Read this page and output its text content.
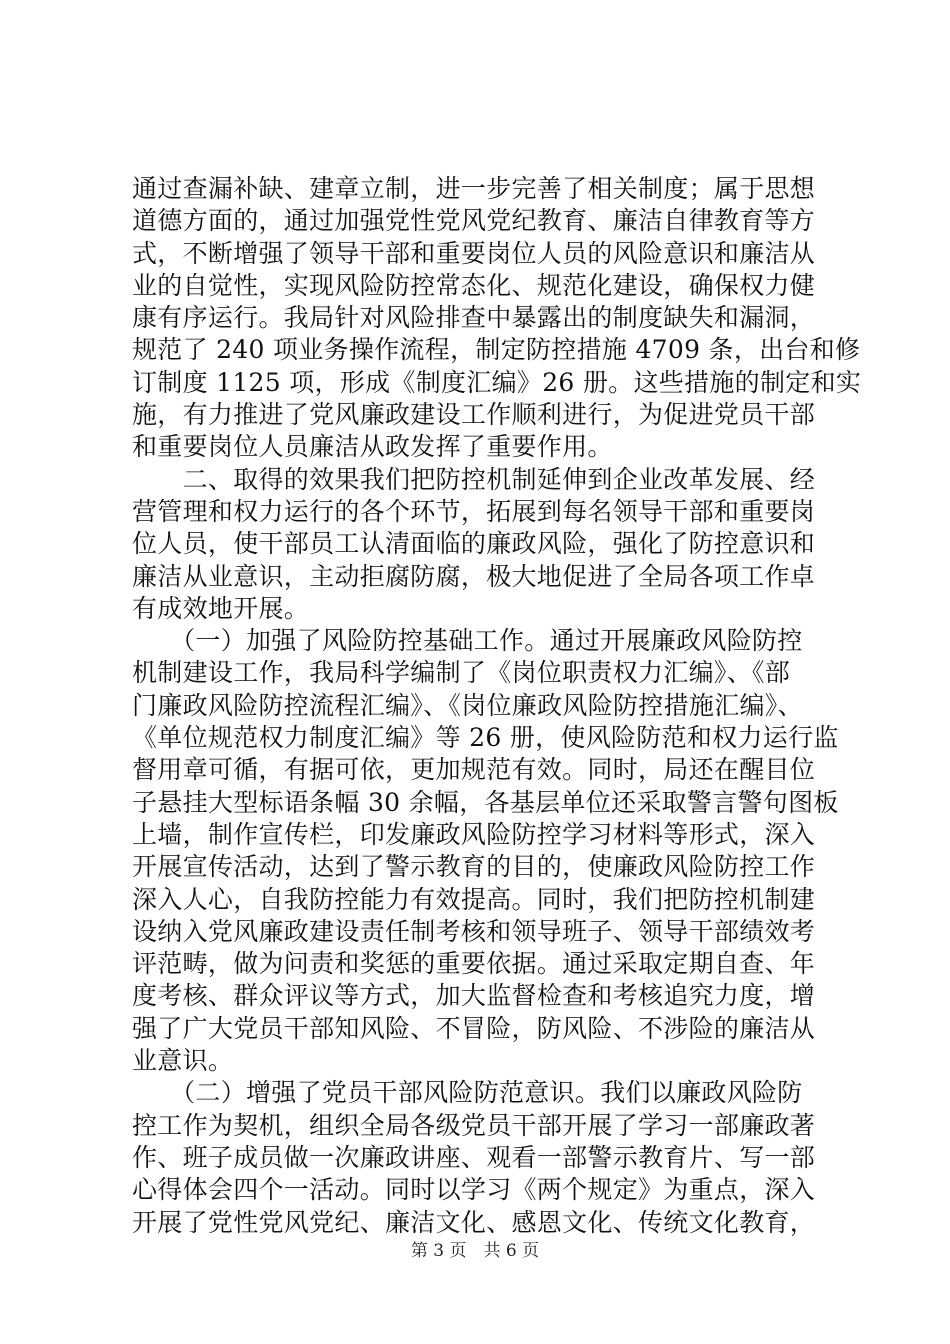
通过查漏补缺、建章立制，进一步完善了相关制度；属于思想
道德方面的，通过加强党性党风党纪教育、廉洁自律教育等方
式，不断增强了领导干部和重要岗位人员的风险意识和廉洁从
业的自觉性，实现风险防控常态化、规范化建设，确保权力健
康有序运行。我局针对风险排查中暴露出的制度缺失和漏洞，
规范了 240 项业务操作流程，制定防控措施 4709 条，出台和修
订制度 1125 项，形成《制度汇编》26 册。这些措施的制定和实
施，有力推进了党风廉政建设工作顺利进行，为促进党员干部
和重要岗位人员廉洁从政发挥了重要作用。
　　二、取得的效果我们把防控机制延伸到企业改革发展、经
营管理和权力运行的各个环节，拓展到每名领导干部和重要岗
位人员，使干部员工认清面临的廉政风险，强化了防控意识和
廉洁从业意识，主动拒腐防腐，极大地促进了全局各项工作卓
有成效地开展。
　　（一）加强了风险防控基础工作。通过开展廉政风险防控
机制建设工作，我局科学编制了《岗位职责权力汇编》、《部
门廉政风险防控流程汇编》、《岗位廉政风险防控措施汇编》、
《单位规范权力制度汇编》等 26 册，使风险防范和权力运行监
督用章可循，有据可依，更加规范有效。同时，局还在醒目位
子悬挂大型标语条幅 30 余幅，各基层单位还采取警言警句图板
上墙，制作宣传栏，印发廉政风险防控学习材料等形式，深入
开展宣传活动，达到了警示教育的目的，使廉政风险防控工作
深入人心，自我防控能力有效提高。同时，我们把防控机制建
设纳入党风廉政建设责任制考核和领导班子、领导干部绩效考
评范畴，做为问责和奖惩的重要依据。通过采取定期自查、年
度考核、群众评议等方式，加大监督检查和考核追究力度，增
强了广大党员干部知风险、不冒险，防风险、不涉险的廉洁从
业意识。
　　（二）增强了党员干部风险防范意识。我们以廉政风险防
控工作为契机，组织全局各级党员干部开展了学习一部廉政著
作、班子成员做一次廉政讲座、观看一部警示教育片、写一部
心得体会四个一活动。同时以学习《两个规定》为重点，深入
开展了党性党风党纪、廉洁文化、感恩文化、传统文化教育，
第 3 页　共 6 页
